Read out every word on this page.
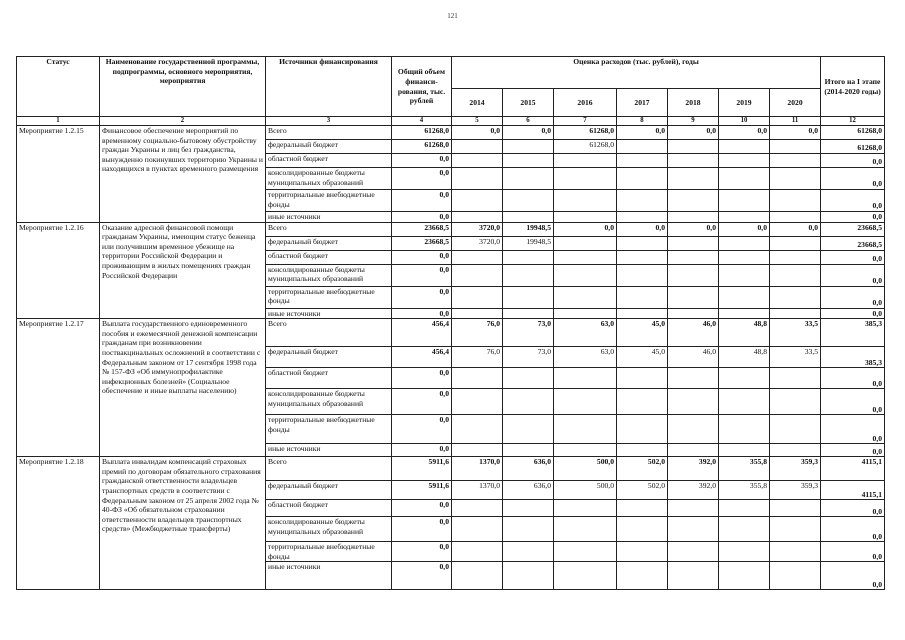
121
Статус	Наименование государственной программы, подпрограммы, основного мероприятия, мероприятия	Источники финансирования	Общий объем финанси-рования, тыс. рублей	Оценка расходов (тыс. рублей), годы							Итого на I этапе (2014-2020 годы)
				2014	2015	2016	2017	2018	2019	2020	
1	2	3	4	5	6	7	8	9	10	11	12
Мероприятие 1.2.15	Финансовое обеспечение мероприятий по временному социально-бытовому обустройству граждан Украины и лиц без гражданства, вынужденно покинувших территорию Украины и находящихся в пунктах временного размещения	Всего	61268,0	0,0	0,0	61268,0	0,0	0,0	0,0	0,0	61268,0
		федеральный бюджет	61268,0			61268,0					61268,0
		областной бюджет	0,0								0,0
		консолидированные бюджеты муниципальных образований	0,0								0,0
		территориальные внебюджетные фонды	0,0								0,0
		иные источники	0,0								0,0
Мероприятие 1.2.16	Оказание адресной финансовой помощи гражданам Украины, имеющим статус беженца или получившим временное убежище на территории Российской Федерации и проживающим в жилых помещениях граждан Российской Федерации	Всего	23668,5	3720,0	19948,5	0,0	0,0	0,0	0,0	0,0	23668,5
		федеральный бюджет	23668,5	3720,0	19948,5						23668,5
		областной бюджет	0,0								0,0
		консолидированные бюджеты муниципальных образований	0,0								0,0
		территориальные внебюджетные фонды	0,0								0,0
		иные источники	0,0								0,0
Мероприятие 1.2.17	Выплата государственного единовременного пособия и ежемесячной денежной компенсации гражданам при возникновении поствакцинальных осложнений в соответствии с Федеральным законом от 17 сентября 1998 года № 157-ФЗ «Об иммунопрофилактике инфекционных болезней» (Социальное обеспечение и иные выплаты населению)	Всего	456,4	76,0	73,0	63,0	45,0	46,0	48,8	33,5	385,3
		федеральный бюджет	456,4	76,0	73,0	63,0	45,0	46,0	48,8	33,5	385,3
		областной бюджет	0,0								0,0
		консолидированные бюджеты муниципальных образований	0,0								0,0
		территориальные внебюджетные фонды	0,0								0,0
		иные источники	0,0								0,0
Мероприятие 1.2.18	Выплата инвалидам компенсаций страховых премий по договорам обязательного страхования гражданской ответственности владельцев транспортных средств в соответствии с Федеральным законом от 25 апреля 2002 года № 40-ФЗ «Об обязательном страховании ответственности владельцев транспортных средств» (Межбюджетные трансферты)	Всего	5911,6	1370,0	636,0	500,0	502,0	392,0	355,8	359,3	4115,1
		федеральный бюджет	5911,6	1370,0	636,0	500,0	502,0	392,0	355,8	359,3	4115,1
		областной бюджет	0,0								0,0
		консолидированные бюджеты муниципальных образований	0,0								0,0
		территориальные внебюджетные фонды	0,0								0,0
		иные источники	0,0								0,0
